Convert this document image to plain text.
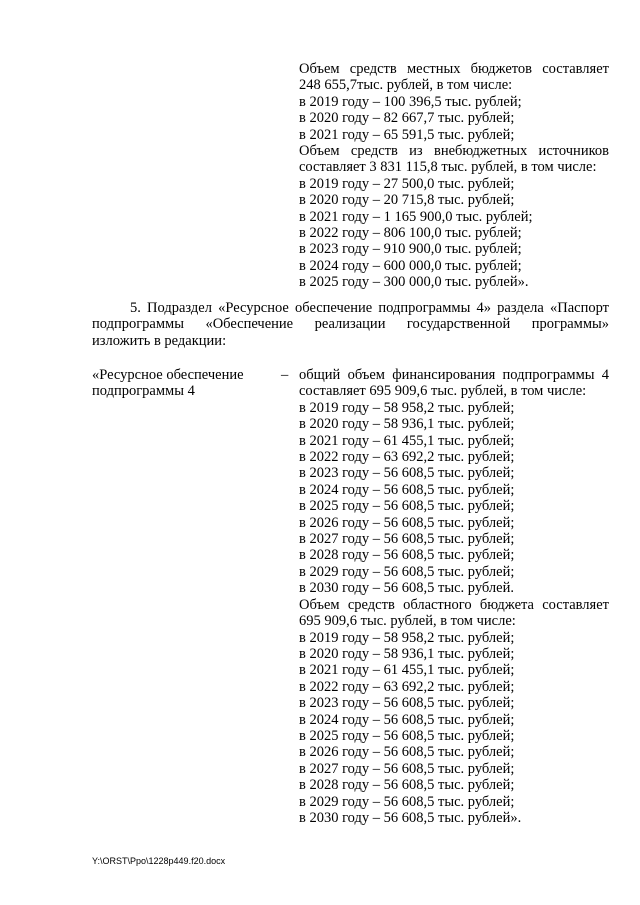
Объем средств местных бюджетов составляет
248 655,7тыс. рублей, в том числе:
в 2019 году – 100 396,5 тыс. рублей;
в 2020 году – 82 667,7 тыс. рублей;
в 2021 году – 65 591,5 тыс. рублей;
Объем средств из внебюджетных источников
составляет 3 831 115,8 тыс. рублей, в том числе:
в 2019 году – 27 500,0 тыс. рублей;
в 2020 году – 20 715,8 тыс. рублей;
в 2021 году – 1 165 900,0 тыс. рублей;
в 2022 году – 806 100,0 тыс. рублей;
в 2023 году – 910 900,0 тыс. рублей;
в 2024 году – 600 000,0 тыс. рублей;
в 2025 году – 300 000,0 тыс. рублей».
5. Подраздел «Ресурсное обеспечение подпрограммы 4» раздела «Паспорт
подпрограммы «Обеспечение реализации государственной программы»
изложить в редакции:
«Ресурсное обеспечение
подпрограммы 4
– общий объем финансирования подпрограммы 4
составляет 695 909,6 тыс. рублей, в том числе:
в 2019 году – 58 958,2 тыс. рублей;
в 2020 году – 58 936,1 тыс. рублей;
в 2021 году – 61 455,1 тыс. рублей;
в 2022 году – 63 692,2 тыс. рублей;
в 2023 году – 56 608,5 тыс. рублей;
в 2024 году – 56 608,5 тыс. рублей;
в 2025 году – 56 608,5 тыс. рублей;
в 2026 году – 56 608,5 тыс. рублей;
в 2027 году – 56 608,5 тыс. рублей;
в 2028 году – 56 608,5 тыс. рублей;
в 2029 году – 56 608,5 тыс. рублей;
в 2030 году – 56 608,5 тыс. рублей.
Объем средств областного бюджета составляет
695 909,6 тыс. рублей, в том числе:
в 2019 году – 58 958,2 тыс. рублей;
в 2020 году – 58 936,1 тыс. рублей;
в 2021 году – 61 455,1 тыс. рублей;
в 2022 году – 63 692,2 тыс. рублей;
в 2023 году – 56 608,5 тыс. рублей;
в 2024 году – 56 608,5 тыс. рублей;
в 2025 году – 56 608,5 тыс. рублей;
в 2026 году – 56 608,5 тыс. рублей;
в 2027 году – 56 608,5 тыс. рублей;
в 2028 году – 56 608,5 тыс. рублей;
в 2029 году – 56 608,5 тыс. рублей;
в 2030 году – 56 608,5 тыс. рублей».
Y:\ORST\Ppo\1228p449.f20.docx
